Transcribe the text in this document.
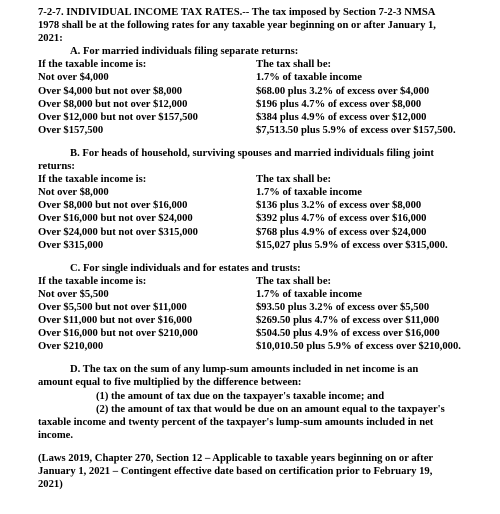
7-2-7. INDIVIDUAL INCOME TAX RATES.-- The tax imposed by Section 7-2-3 NMSA

1978 shall be at the following rates for any taxable year beginning on or after January 1,

2021:

A. For married individuals filing separate returns:

If the taxable income is:	The tax shall be:
Not over $4,000	1.7% of taxable income
Over $4,000 but not over $8,000	$68.00 plus 3.2% of excess over $4,000
Over $8,000 but not over $12,000	$196 plus 4.7% of excess over $8,000
Over $12,000 but not over $157,500	$384 plus 4.9% of excess over $12,000
Over $157,500	$7,513.50 plus 5.9% of excess over $157,500.

B. For heads of household, surviving spouses and married individuals filing joint

returns:

If the taxable income is:	The tax shall be:
Not over $8,000	1.7% of taxable income
Over $8,000 but not over $16,000	$136 plus 3.2% of excess over $8,000
Over $16,000 but not over $24,000	$392 plus 4.7% of excess over $16,000
Over $24,000 but not over $315,000	$768 plus 4.9% of excess over $24,000
Over $315,000	$15,027 plus 5.9% of excess over $315,000.

C. For single individuals and for estates and trusts:

If the taxable income is:	The tax shall be:
Not over $5,500	1.7% of taxable income
Over $5,500 but not over $11,000	$93.50 plus 3.2% of excess over $5,500
Over $11,000 but not over $16,000	$269.50 plus 4.7% of excess over $11,000
Over $16,000 but not over $210,000	$504.50 plus 4.9% of excess over $16,000
Over $210,000	$10,010.50 plus 5.9% of excess over $210,000.

D. The tax on the sum of any lump-sum amounts included in net income is an

amount equal to five multiplied by the difference between:

(1) the amount of tax due on the taxpayer's taxable income; and

(2) the amount of tax that would be due on an amount equal to the taxpayer's

taxable income and twenty percent of the taxpayer's lump-sum amounts included in net

income.

(Laws 2019, Chapter 270, Section 12 – Applicable to taxable years beginning on or after

January 1, 2021 – Contingent effective date based on certification prior to February 19,

2021)
